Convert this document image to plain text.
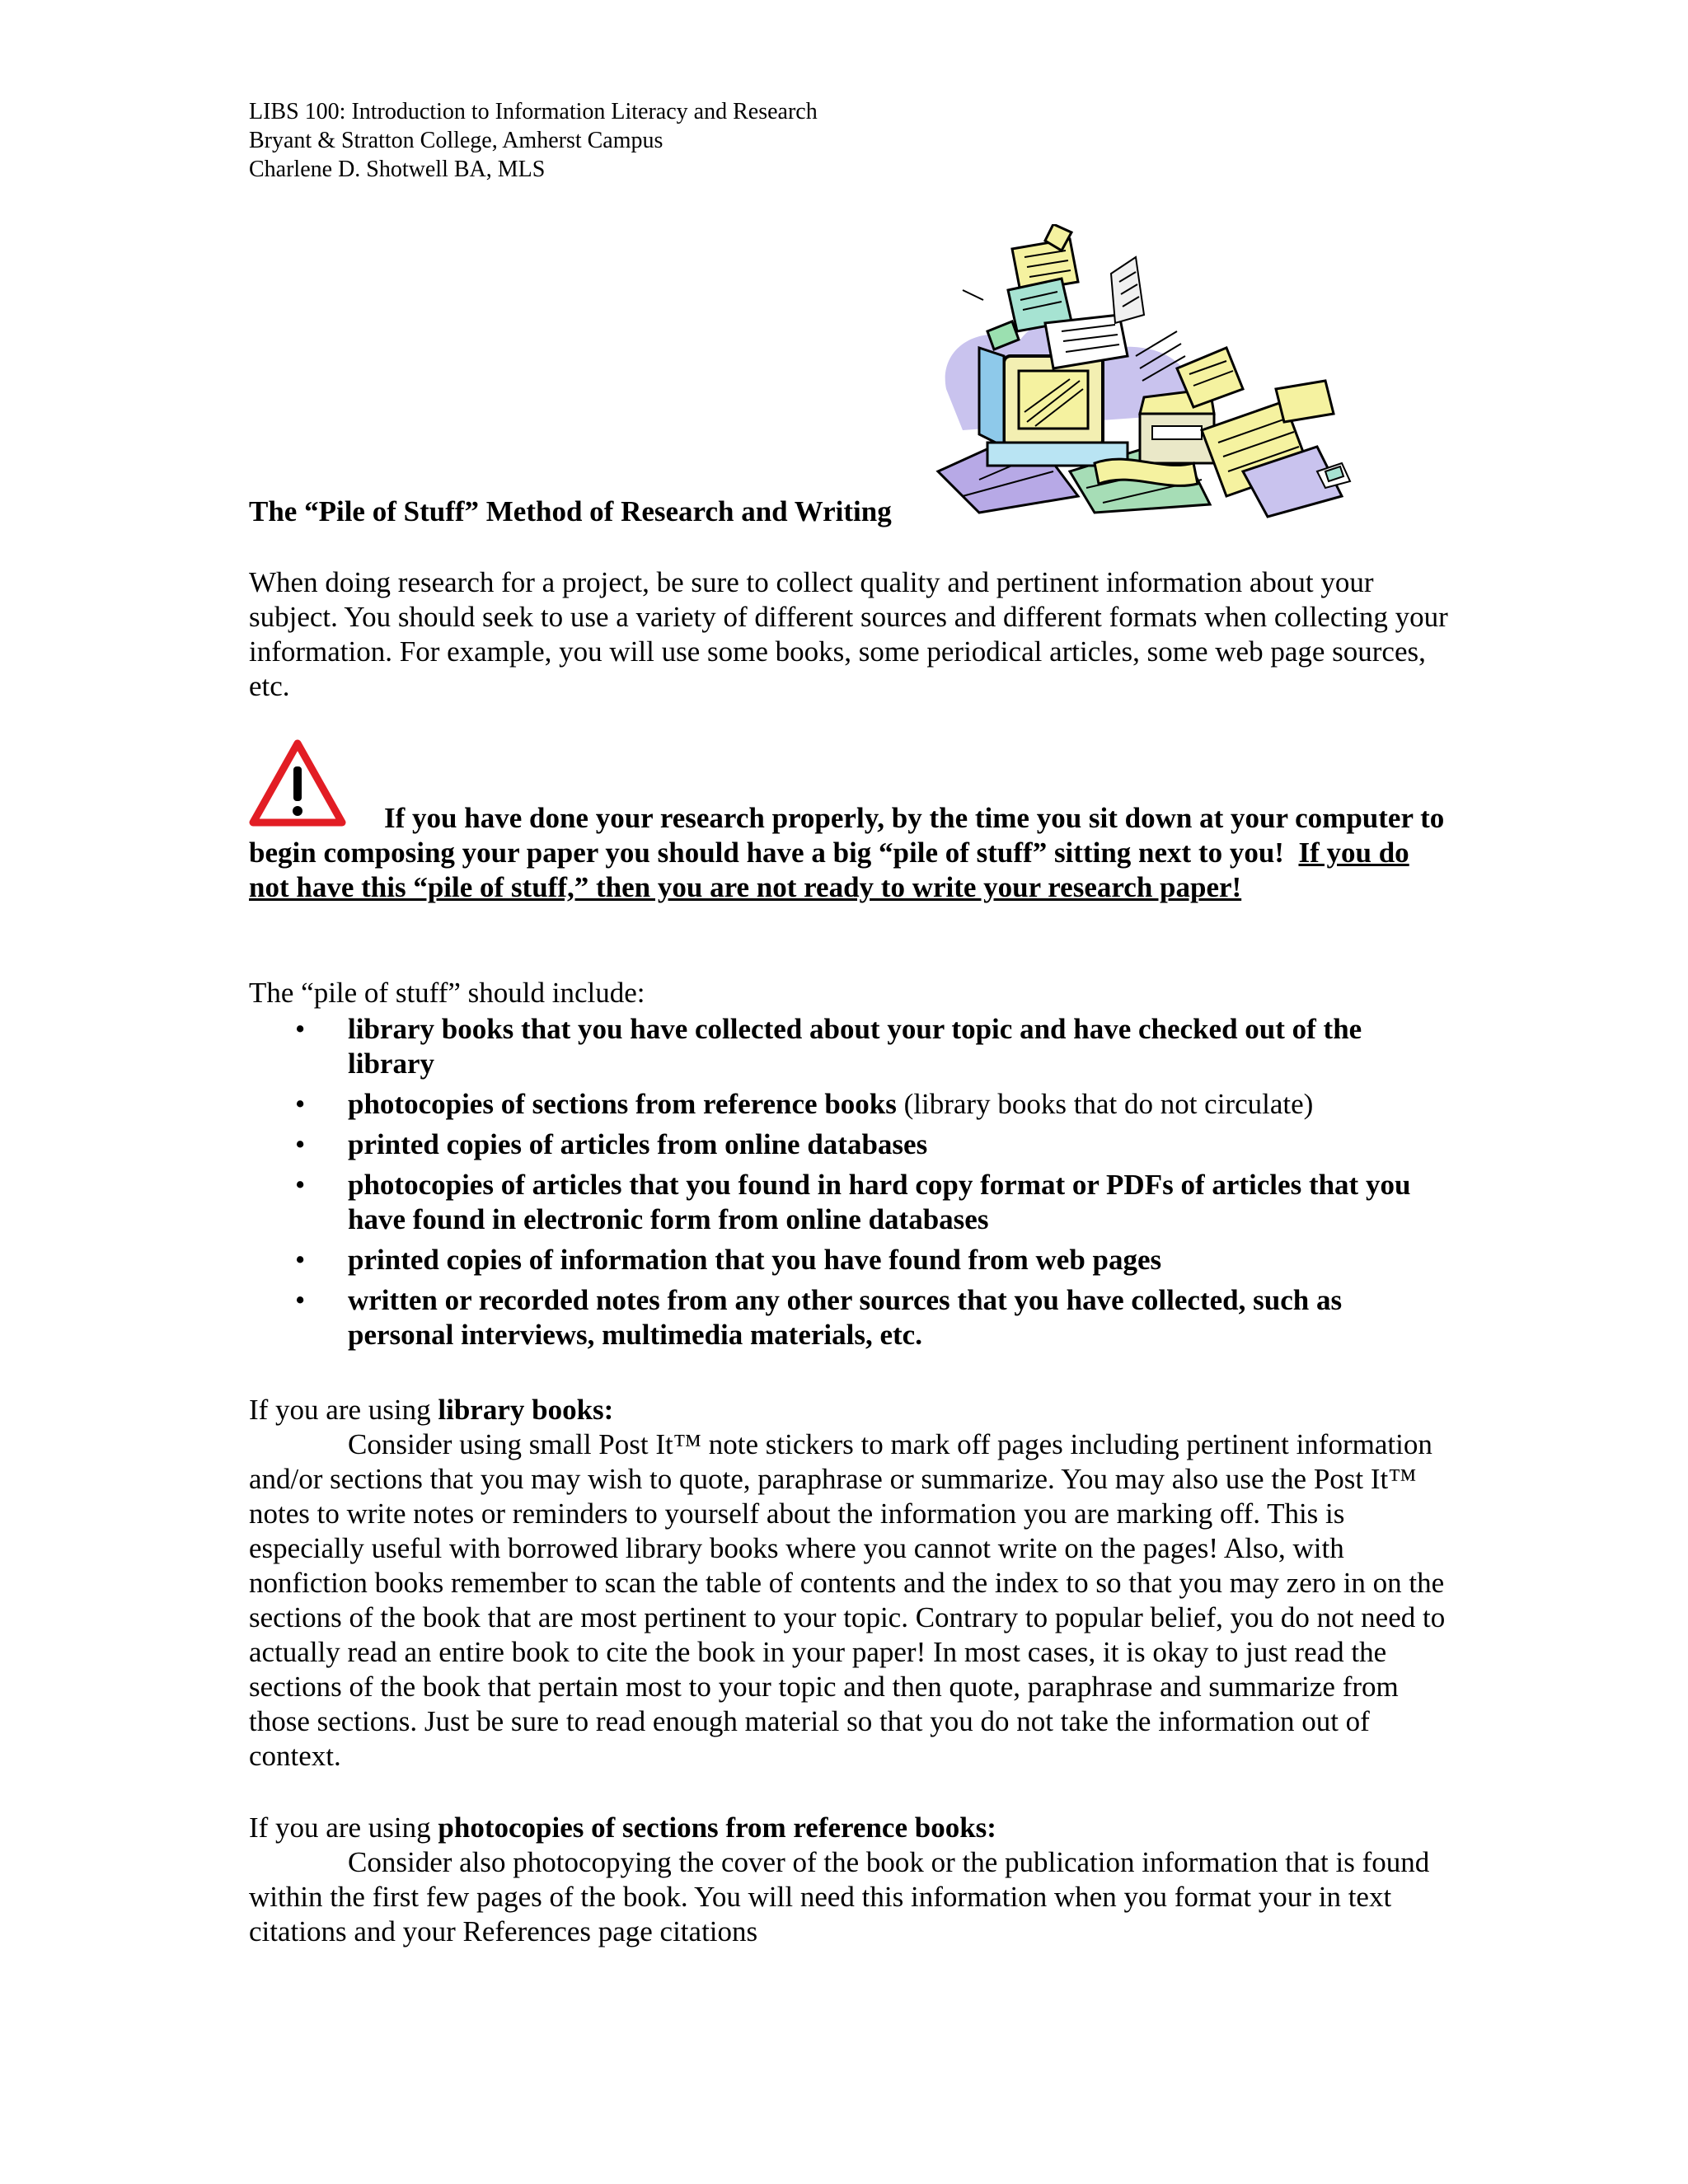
LIBS 100: Introduction to Information Literacy and Research
Bryant & Stratton College, Amherst Campus
Charlene D. Shotwell BA, MLS
The “Pile of Stuff” Method of Research and Writing
When doing research for a project, be sure to collect quality and pertinent information about your subject. You should seek to use a variety of different sources and different formats when collecting your information. For example, you will use some books, some periodical articles, some web page sources, etc.
If you have done your research properly, by the time you sit down at your computer to begin composing your paper you should have a big “pile of stuff” sitting next to you! If you do not have this “pile of stuff,” then you are not ready to write your research paper!
The “pile of stuff” should include:
• library books that you have collected about your topic and have checked out of the library
• photocopies of sections from reference books (library books that do not circulate)
• printed copies of articles from online databases
• photocopies of articles that you found in hard copy format or PDFs of articles that you have found in electronic form from online databases
• printed copies of information that you have found from web pages
• written or recorded notes from any other sources that you have collected, such as personal interviews, multimedia materials, etc.
If you are using library books:
Consider using small Post It™ note stickers to mark off pages including pertinent information and/or sections that you may wish to quote, paraphrase or summarize. You may also use the Post It™ notes to write notes or reminders to yourself about the information you are marking off. This is especially useful with borrowed library books where you cannot write on the pages! Also, with nonfiction books remember to scan the table of contents and the index to so that you may zero in on the sections of the book that are most pertinent to your topic. Contrary to popular belief, you do not need to actually read an entire book to cite the book in your paper! In most cases, it is okay to just read the sections of the book that pertain most to your topic and then quote, paraphrase and summarize from those sections. Just be sure to read enough material so that you do not take the information out of context.
If you are using photocopies of sections from reference books:
Consider also photocopying the cover of the book or the publication information that is found within the first few pages of the book. You will need this information when you format your in text citations and your References page citations
